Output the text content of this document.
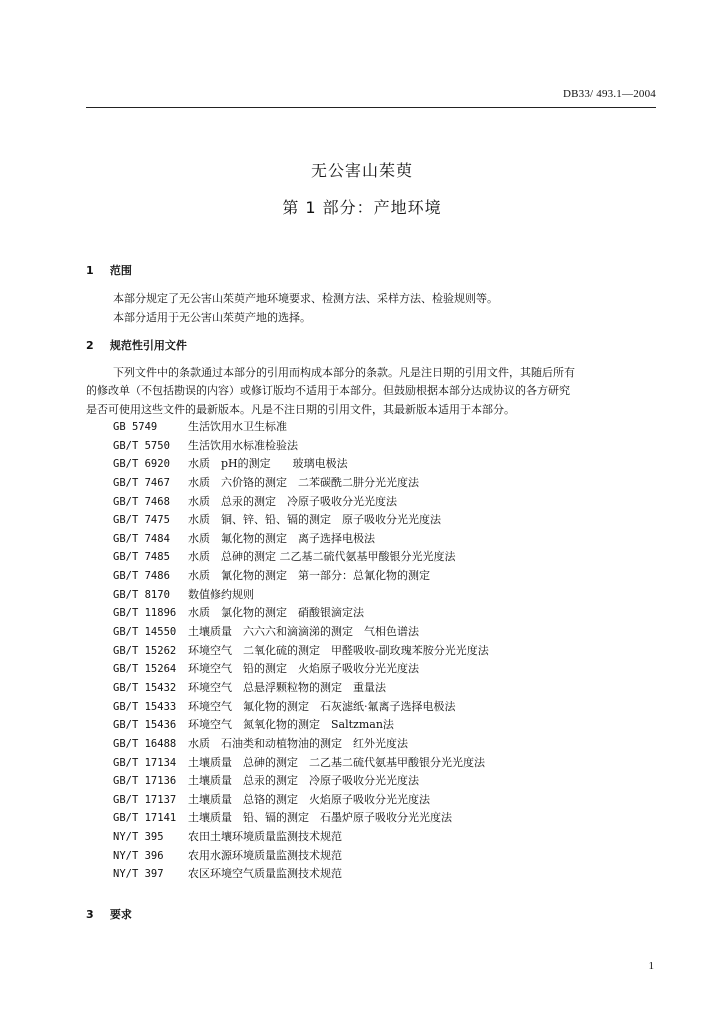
DB33/ 493.1—2004
无公害山茱萸
第 1 部分：产地环境
1 范围
本部分规定了无公害山茱萸产地环境要求、检测方法、采样方法、检验规则等。
本部分适用于无公害山茱萸产地的选择。
2 规范性引用文件
下列文件中的条款通过本部分的引用而构成本部分的条款。凡是注日期的引用文件，其随后所有
的修改单（不包括勘误的内容）或修订版均不适用于本部分。但鼓励根据本部分达成协议的各方研究
是否可使用这些文件的最新版本。凡是不注日期的引用文件，其最新版本适用于本部分。
GB 5749	生活饮用水卫生标准
GB/T 5750 生活饮用水标准检验法
GB/T 6920 水质　pH的测定　　玻璃电极法
GB/T 7467 水质　六价铬的测定　二苯碳酰二肼分光光度法
GB/T 7468 水质　总汞的测定　冷原子吸收分光光度法
GB/T 7475 水质　铜、锌、铅、镉的测定　原子吸收分光光度法
GB/T 7484 水质　氟化物的测定　离子选择电极法
GB/T 7485 水质　总砷的测定 二乙基二硫代氨基甲酸银分光光度法
GB/T 7486 水质　氰化物的测定　第一部分：总氰化物的测定
GB/T 8170 数值修约规则
GB/T 11896 水质　氯化物的测定　硝酸银滴定法
GB/T 14550 土壤质量　六六六和滴滴涕的测定　气相色谱法
GB/T 15262 环境空气　二氧化硫的测定　甲醛吸收-副玫瑰苯胺分光光度法
GB/T 15264 环境空气　铅的测定　火焰原子吸收分光光度法
GB/T 15432 环境空气　总悬浮颗粒物的测定　重量法
GB/T 15433 环境空气　氟化物的测定　石灰滤纸·氟离子选择电极法
GB/T 15436 环境空气　氮氧化物的测定　Saltzman法
GB/T 16488 水质　石油类和动植物油的测定　红外光度法
GB/T 17134 土壤质量　总砷的测定　二乙基二硫代氨基甲酸银分光光度法
GB/T 17136 土壤质量　总汞的测定　冷原子吸收分光光度法
GB/T 17137 土壤质量　总铬的测定　火焰原子吸收分光光度法
GB/T 17141 土壤质量　铅、镉的测定　石墨炉原子吸收分光光度法
NY/T 395 农田土壤环境质量监测技术规范
NY/T 396 农用水源环境质量监测技术规范
NY/T 397 农区环境空气质量监测技术规范
3 要求
1
